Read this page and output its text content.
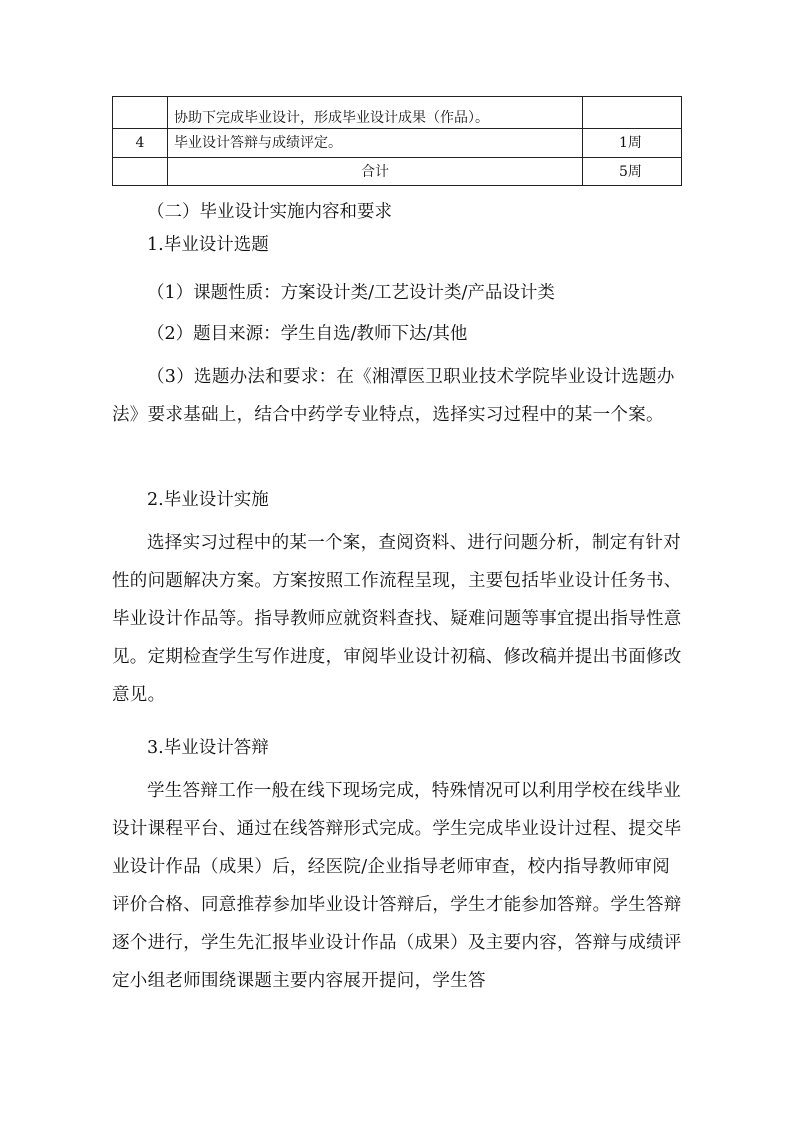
	协助下完成毕业设计，形成毕业设计成果（作品）。	
4	毕业设计答辩与成绩评定。	1周
	合计	5周

（二）毕业设计实施内容和要求

1.毕业设计选题

（1）课题性质：方案设计类/工艺设计类/产品设计类

（2）题目来源：学生自选/教师下达/其他

（3）选题办法和要求：在《湘潭医卫职业技术学院毕业设计选题办法》要求基础上，结合中药学专业特点，选择实习过程中的某一个案。

2.毕业设计实施

选择实习过程中的某一个案，查阅资料、进行问题分析，制定有针对性的问题解决方案。方案按照工作流程呈现，主要包括毕业设计任务书、毕业设计作品等。指导教师应就资料查找、疑难问题等事宜提出指导性意见。定期检查学生写作进度，审阅毕业设计初稿、修改稿并提出书面修改意见。

3.毕业设计答辩

学生答辩工作一般在线下现场完成，特殊情况可以利用学校在线毕业设计课程平台、通过在线答辩形式完成。学生完成毕业设计过程、提交毕业设计作品（成果）后，经医院/企业指导老师审查，校内指导教师审阅评价合格、同意推荐参加毕业设计答辩后，学生才能参加答辩。学生答辩逐个进行，学生先汇报毕业设计作品（成果）及主要内容，答辩与成绩评定小组老师围绕课题主要内容展开提问，学生答
